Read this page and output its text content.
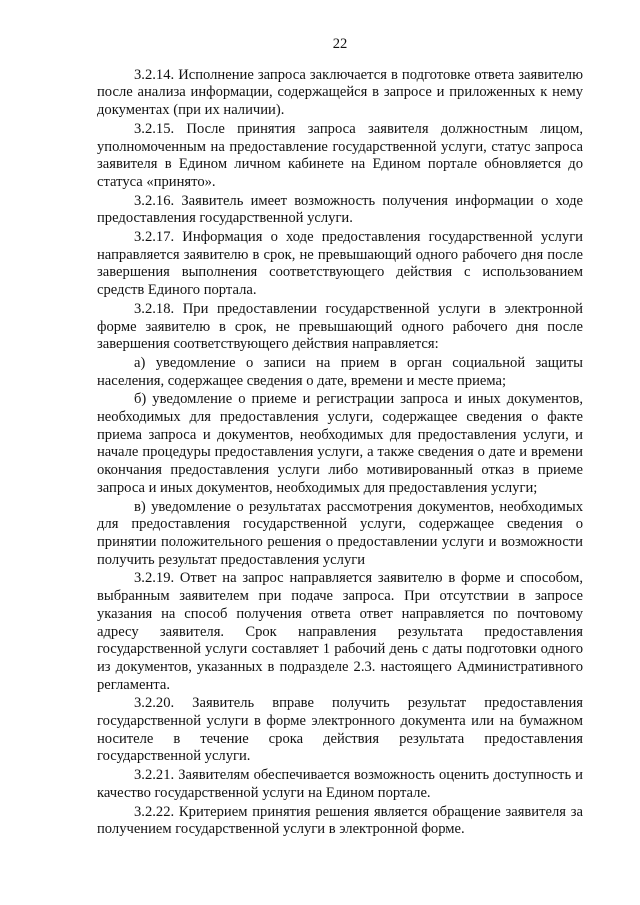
22

3.2.14. Исполнение запроса заключается в подготовке ответа заявителю после анализа информации, содержащейся в запросе и приложенных к нему документах (при их наличии).

3.2.15. После принятия запроса заявителя должностным лицом, уполномоченным на предоставление государственной услуги, статус запроса заявителя в Едином личном кабинете на Едином портале обновляется до статуса «принято».

3.2.16. Заявитель имеет возможность получения информации о ходе предоставления государственной услуги.

3.2.17. Информация о ходе предоставления государственной услуги направляется заявителю в срок, не превышающий одного рабочего дня после завершения выполнения соответствующего действия с использованием средств Единого портала.

3.2.18. При предоставлении государственной услуги в электронной форме заявителю в срок, не превышающий одного рабочего дня после завершения соответствующего действия направляется:

а) уведомление о записи на прием в орган социальной защиты населения, содержащее сведения о дате, времени и месте приема;

б) уведомление о приеме и регистрации запроса и иных документов, необходимых для предоставления услуги, содержащее сведения о факте приема запроса и документов, необходимых для предоставления услуги, и начале процедуры предоставления услуги, а также сведения о дате и времени окончания предоставления услуги либо мотивированный отказ в приеме запроса и иных документов, необходимых для предоставления услуги;

в) уведомление о результатах рассмотрения документов, необходимых для предоставления государственной услуги, содержащее сведения о принятии положительного решения о предоставлении услуги и возможности получить результат предоставления услуги

3.2.19. Ответ на запрос направляется заявителю в форме и способом, выбранным заявителем при подаче запроса. При отсутствии в запросе указания на способ получения ответа ответ направляется по почтовому адресу заявителя. Срок направления результата предоставления государственной услуги составляет 1 рабочий день с даты подготовки одного из документов, указанных в подразделе 2.3. настоящего Административного регламента.

3.2.20. Заявитель вправе получить результат предоставления государственной услуги в форме электронного документа или на бумажном носителе в течение срока действия результата предоставления государственной услуги.

3.2.21. Заявителям обеспечивается возможность оценить доступность и качество государственной услуги на Едином портале.

3.2.22. Критерием принятия решения является обращение заявителя за получением государственной услуги в электронной форме.
